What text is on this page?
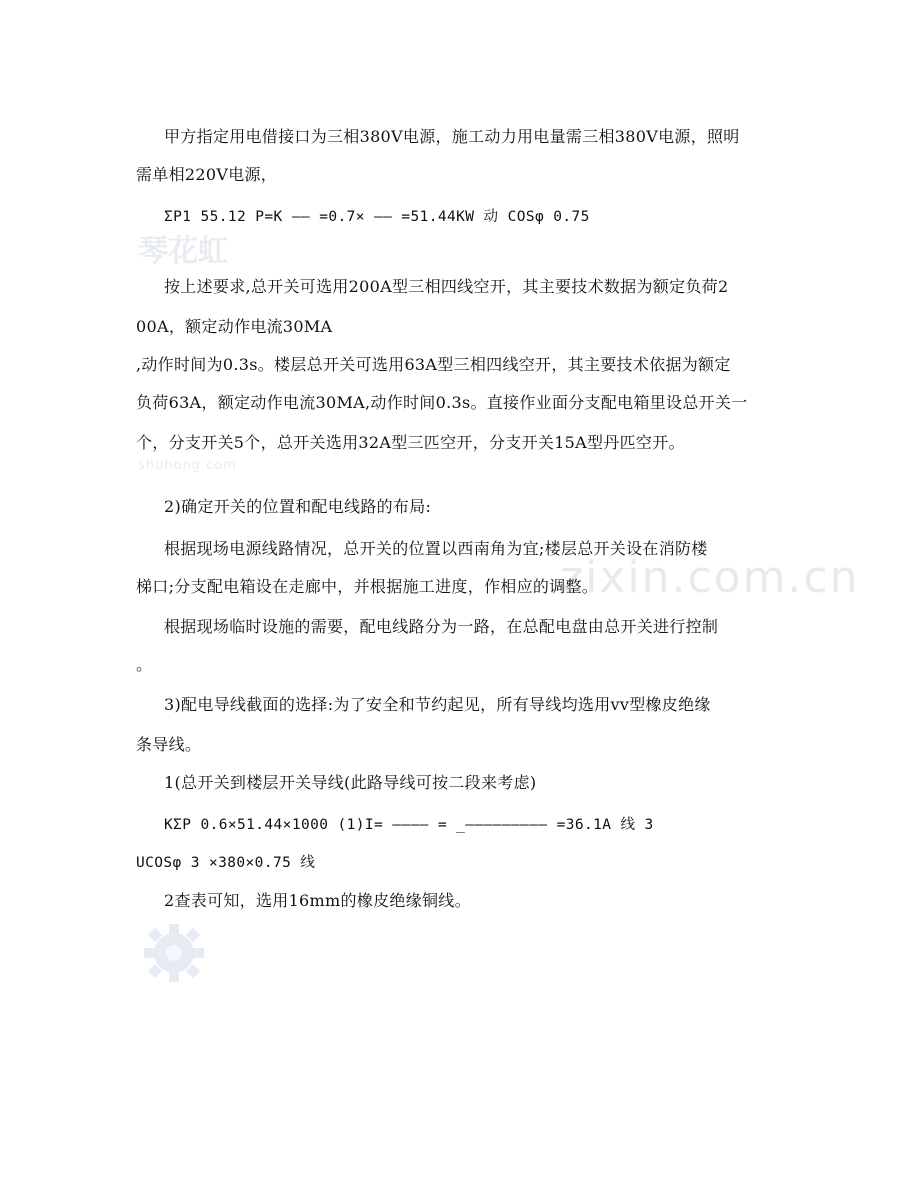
琴花虹
shuhong.com
zixin.com.cn
甲方指定用电借接口为三相380V电源，施工动力用电量需三相380V电源，照明
需单相220V电源，
ΣP1 55.12 P=K —— =0.7× —— =51.44KW 动 COSφ 0.75
按上述要求,总开关可选用200A型三相四线空开，其主要技术数据为额定负荷2
00A，额定动作电流30MA
,动作时间为0.3s。楼层总开关可选用63A型三相四线空开，其主要技术依据为额定
负荷63A，额定动作电流30MA,动作时间0.3s。直接作业面分支配电箱里设总开关一
个，分支开关5个，总开关选用32A型三匹空开，分支开关15A型丹匹空开。
2)确定开关的位置和配电线路的布局:
根据现场电源线路情况，总开关的位置以西南角为宜;楼层总开关设在消防楼
梯口;分支配电箱设在走廊中，并根据施工进度，作相应的调整。
根据现场临时设施的需要，配电线路分为一路，在总配电盘由总开关进行控制
。
3)配电导线截面的选择:为了安全和节约起见，所有导线均选用vv型橡皮绝缘
条导线。
1(总开关到楼层开关导线(此路导线可按二段来考虑)
KΣP 0.6×51.44×1000 (1)I= ———— = _————————— =36.1A 线 3
UCOSφ 3 ×380×0.75 线
2查表可知，选用16mm的橡皮绝缘铜线。
